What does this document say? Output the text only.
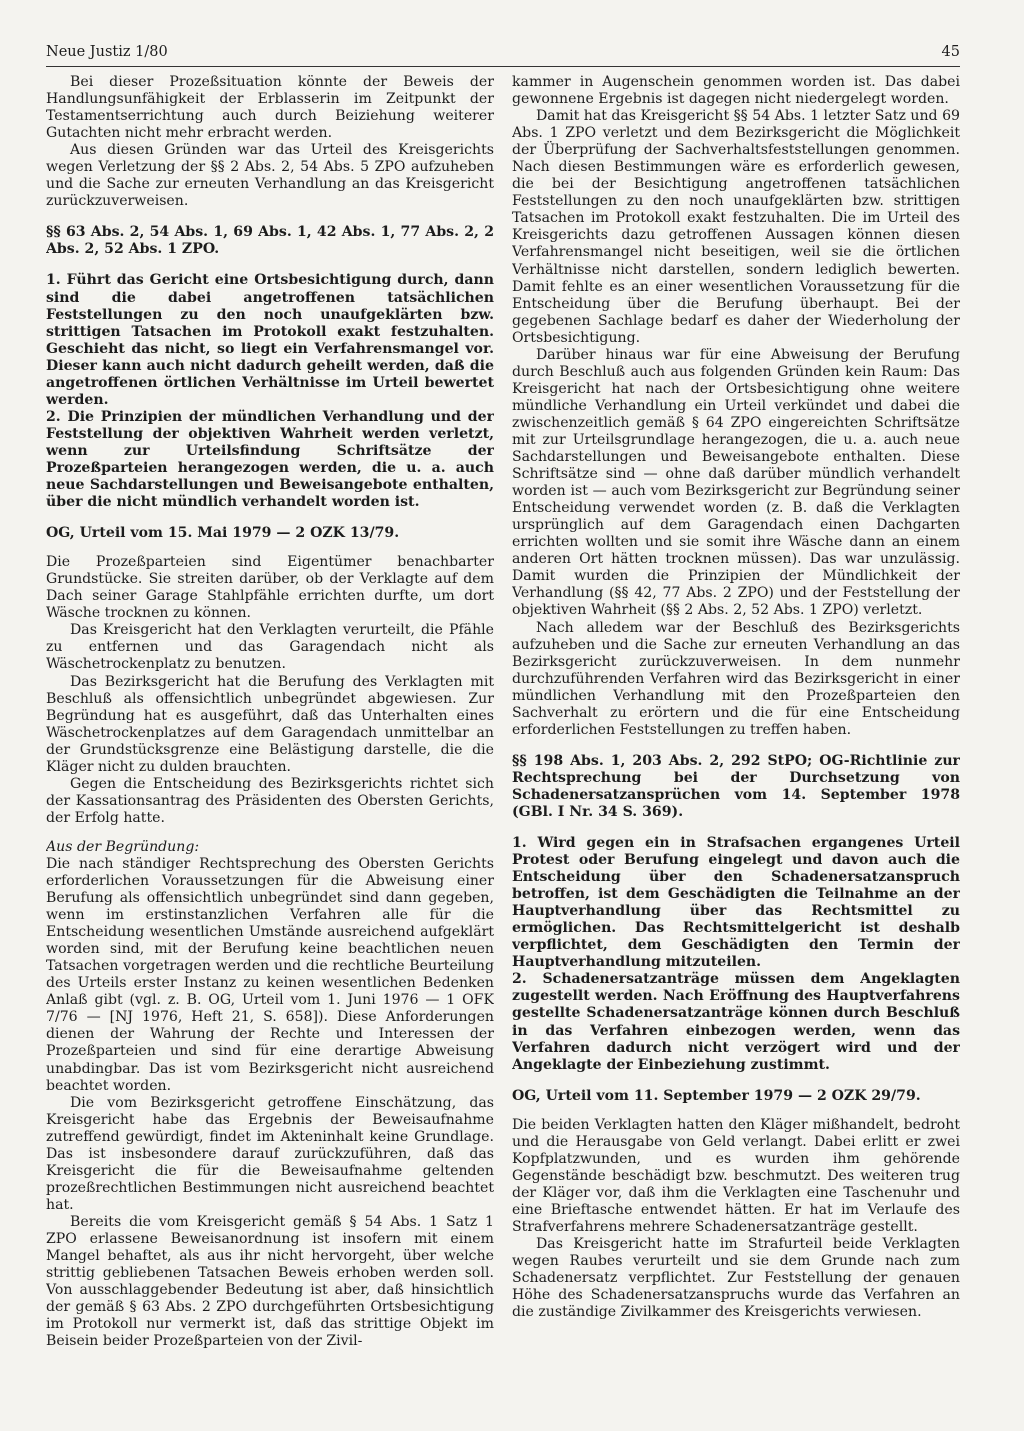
Neue Justiz 1/80	45

Bei dieser Prozeßsituation könnte der Beweis der Handlungsunfähigkeit der Erblasserin im Zeitpunkt der Testamentserrichtung auch durch Beiziehung weiterer Gutachten nicht mehr erbracht werden.

Aus diesen Gründen war das Urteil des Kreisgerichts wegen Verletzung der §§ 2 Abs. 2, 54 Abs. 5 ZPO aufzuheben und die Sache zur erneuten Verhandlung an das Kreisgericht zurückzuverweisen.

§§ 63 Abs. 2, 54 Abs. 1, 69 Abs. 1, 42 Abs. 1, 77 Abs. 2, 2 Abs. 2, 52 Abs. 1 ZPO.

1. Führt das Gericht eine Ortsbesichtigung durch, dann sind die dabei angetroffenen tatsächlichen Feststellungen zu den noch unaufgeklärten bzw. strittigen Tatsachen im Protokoll exakt festzuhalten. Geschieht das nicht, so liegt ein Verfahrensmangel vor. Dieser kann auch nicht dadurch geheilt werden, daß die angetroffenen örtlichen Verhältnisse im Urteil bewertet werden.

2. Die Prinzipien der mündlichen Verhandlung und der Feststellung der objektiven Wahrheit werden verletzt, wenn zur Urteilsfindung Schriftsätze der Prozeßparteien herangezogen werden, die u. a. auch neue Sachdarstellungen und Beweisangebote enthalten, über die nicht mündlich verhandelt worden ist.

OG, Urteil vom 15. Mai 1979 — 2 OZK 13/79.

Die Prozeßparteien sind Eigentümer benachbarter Grundstücke. Sie streiten darüber, ob der Verklagte auf dem Dach seiner Garage Stahlpfähle errichten durfte, um dort Wäsche trocknen zu können.

Das Kreisgericht hat den Verklagten verurteilt, die Pfähle zu entfernen und das Garagendach nicht als Wäschetrockenplatz zu benutzen.

Das Bezirksgericht hat die Berufung des Verklagten mit Beschluß als offensichtlich unbegründet abgewiesen. Zur Begründung hat es ausgeführt, daß das Unterhalten eines Wäschetrockenplatzes auf dem Garagendach unmittelbar an der Grundstücksgrenze eine Belästigung darstelle, die die Kläger nicht zu dulden brauchten.

Gegen die Entscheidung des Bezirksgerichts richtet sich der Kassationsantrag des Präsidenten des Obersten Gerichts, der Erfolg hatte.

Aus der Begründung:

Die nach ständiger Rechtsprechung des Obersten Gerichts erforderlichen Voraussetzungen für die Abweisung einer Berufung als offensichtlich unbegründet sind dann gegeben, wenn im erstinstanzlichen Verfahren alle für die Entscheidung wesentlichen Umstände ausreichend aufgeklärt worden sind, mit der Berufung keine beachtlichen neuen Tatsachen vorgetragen werden und die rechtliche Beurteilung des Urteils erster Instanz zu keinen wesentlichen Bedenken Anlaß gibt (vgl. z. B. OG, Urteil vom 1. Juni 1976 — 1 OFK 7/76 — [NJ 1976, Heft 21, S. 658]). Diese Anforderungen dienen der Wahrung der Rechte und Interessen der Prozeßparteien und sind für eine derartige Abweisung unabdingbar. Das ist vom Bezirksgericht nicht ausreichend beachtet worden.

Die vom Bezirksgericht getroffene Einschätzung, das Kreisgericht habe das Ergebnis der Beweisaufnahme zutreffend gewürdigt, findet im Akteninhalt keine Grundlage. Das ist insbesondere darauf zurückzuführen, daß das Kreisgericht die für die Beweisaufnahme geltenden prozeßrechtlichen Bestimmungen nicht ausreichend beachtet hat.

Bereits die vom Kreisgericht gemäß § 54 Abs. 1 Satz 1 ZPO erlassene Beweisanordnung ist insofern mit einem Mangel behaftet, als aus ihr nicht hervorgeht, über welche strittig gebliebenen Tatsachen Beweis erhoben werden soll. Von ausschlaggebender Bedeutung ist aber, daß hinsichtlich der gemäß § 63 Abs. 2 ZPO durchgeführten Ortsbesichtigung im Protokoll nur vermerkt ist, daß das strittige Objekt im Beisein beider Prozeßparteien von der Zivil-

kammer in Augenschein genommen worden ist. Das dabei gewonnene Ergebnis ist dagegen nicht niedergelegt worden.

Damit hat das Kreisgericht §§ 54 Abs. 1 letzter Satz und 69 Abs. 1 ZPO verletzt und dem Bezirksgericht die Möglichkeit der Überprüfung der Sachverhaltsfeststellungen genommen. Nach diesen Bestimmungen wäre es erforderlich gewesen, die bei der Besichtigung angetroffenen tatsächlichen Feststellungen zu den noch unaufgeklärten bzw. strittigen Tatsachen im Protokoll exakt festzuhalten. Die im Urteil des Kreisgerichts dazu getroffenen Aussagen können diesen Verfahrensmangel nicht beseitigen, weil sie die örtlichen Verhältnisse nicht darstellen, sondern lediglich bewerten. Damit fehlte es an einer wesentlichen Voraussetzung für die Entscheidung über die Berufung überhaupt. Bei der gegebenen Sachlage bedarf es daher der Wiederholung der Ortsbesichtigung.

Darüber hinaus war für eine Abweisung der Berufung durch Beschluß auch aus folgenden Gründen kein Raum: Das Kreisgericht hat nach der Ortsbesichtigung ohne weitere mündliche Verhandlung ein Urteil verkündet und dabei die zwischenzeitlich gemäß § 64 ZPO eingereichten Schriftsätze mit zur Urteilsgrundlage herangezogen, die u. a. auch neue Sachdarstellungen und Beweisangebote enthalten. Diese Schriftsätze sind — ohne daß darüber mündlich verhandelt worden ist — auch vom Bezirksgericht zur Begründung seiner Entscheidung verwendet worden (z. B. daß die Verklagten ursprünglich auf dem Garagendach einen Dachgarten errichten wollten und sie somit ihre Wäsche dann an einem anderen Ort hätten trocknen müssen). Das war unzulässig. Damit wurden die Prinzipien der Mündlichkeit der Verhandlung (§§ 42, 77 Abs. 2 ZPO) und der Feststellung der objektiven Wahrheit (§§ 2 Abs. 2, 52 Abs. 1 ZPO) verletzt.

Nach alledem war der Beschluß des Bezirksgerichts aufzuheben und die Sache zur erneuten Verhandlung an das Bezirksgericht zurückzuverweisen. In dem nunmehr durchzuführenden Verfahren wird das Bezirksgericht in einer mündlichen Verhandlung mit den Prozeßparteien den Sachverhalt zu erörtern und die für eine Entscheidung erforderlichen Feststellungen zu treffen haben.

§§ 198 Abs. 1, 203 Abs. 2, 292 StPO; OG-Richtlinie zur Rechtsprechung bei der Durchsetzung von Schadenersatzansprüchen vom 14. September 1978 (GBl. I Nr. 34 S. 369).

1. Wird gegen ein in Strafsachen ergangenes Urteil Protest oder Berufung eingelegt und davon auch die Entscheidung über den Schadenersatzanspruch betroffen, ist dem Geschädigten die Teilnahme an der Hauptverhandlung über das Rechtsmittel zu ermöglichen. Das Rechtsmittelgericht ist deshalb verpflichtet, dem Geschädigten den Termin der Hauptverhandlung mitzuteilen.

2. Schadenersatzanträge müssen dem Angeklagten zugestellt werden. Nach Eröffnung des Hauptverfahrens gestellte Schadenersatzanträge können durch Beschluß in das Verfahren einbezogen werden, wenn das Verfahren dadurch nicht verzögert wird und der Angeklagte der Einbeziehung zustimmt.

OG, Urteil vom 11. September 1979 — 2 OZK 29/79.

Die beiden Verklagten hatten den Kläger mißhandelt, bedroht und die Herausgabe von Geld verlangt. Dabei erlitt er zwei Kopfplatzwunden, und es wurden ihm gehörende Gegenstände beschädigt bzw. beschmutzt. Des weiteren trug der Kläger vor, daß ihm die Verklagten eine Taschenuhr und eine Brieftasche entwendet hätten. Er hat im Verlaufe des Strafverfahrens mehrere Schadenersatzanträge gestellt.

Das Kreisgericht hatte im Strafurteil beide Verklagten wegen Raubes verurteilt und sie dem Grunde nach zum Schadenersatz verpflichtet. Zur Feststellung der genauen Höhe des Schadenersatzanspruchs wurde das Verfahren an die zuständige Zivilkammer des Kreisgerichts verwiesen.
